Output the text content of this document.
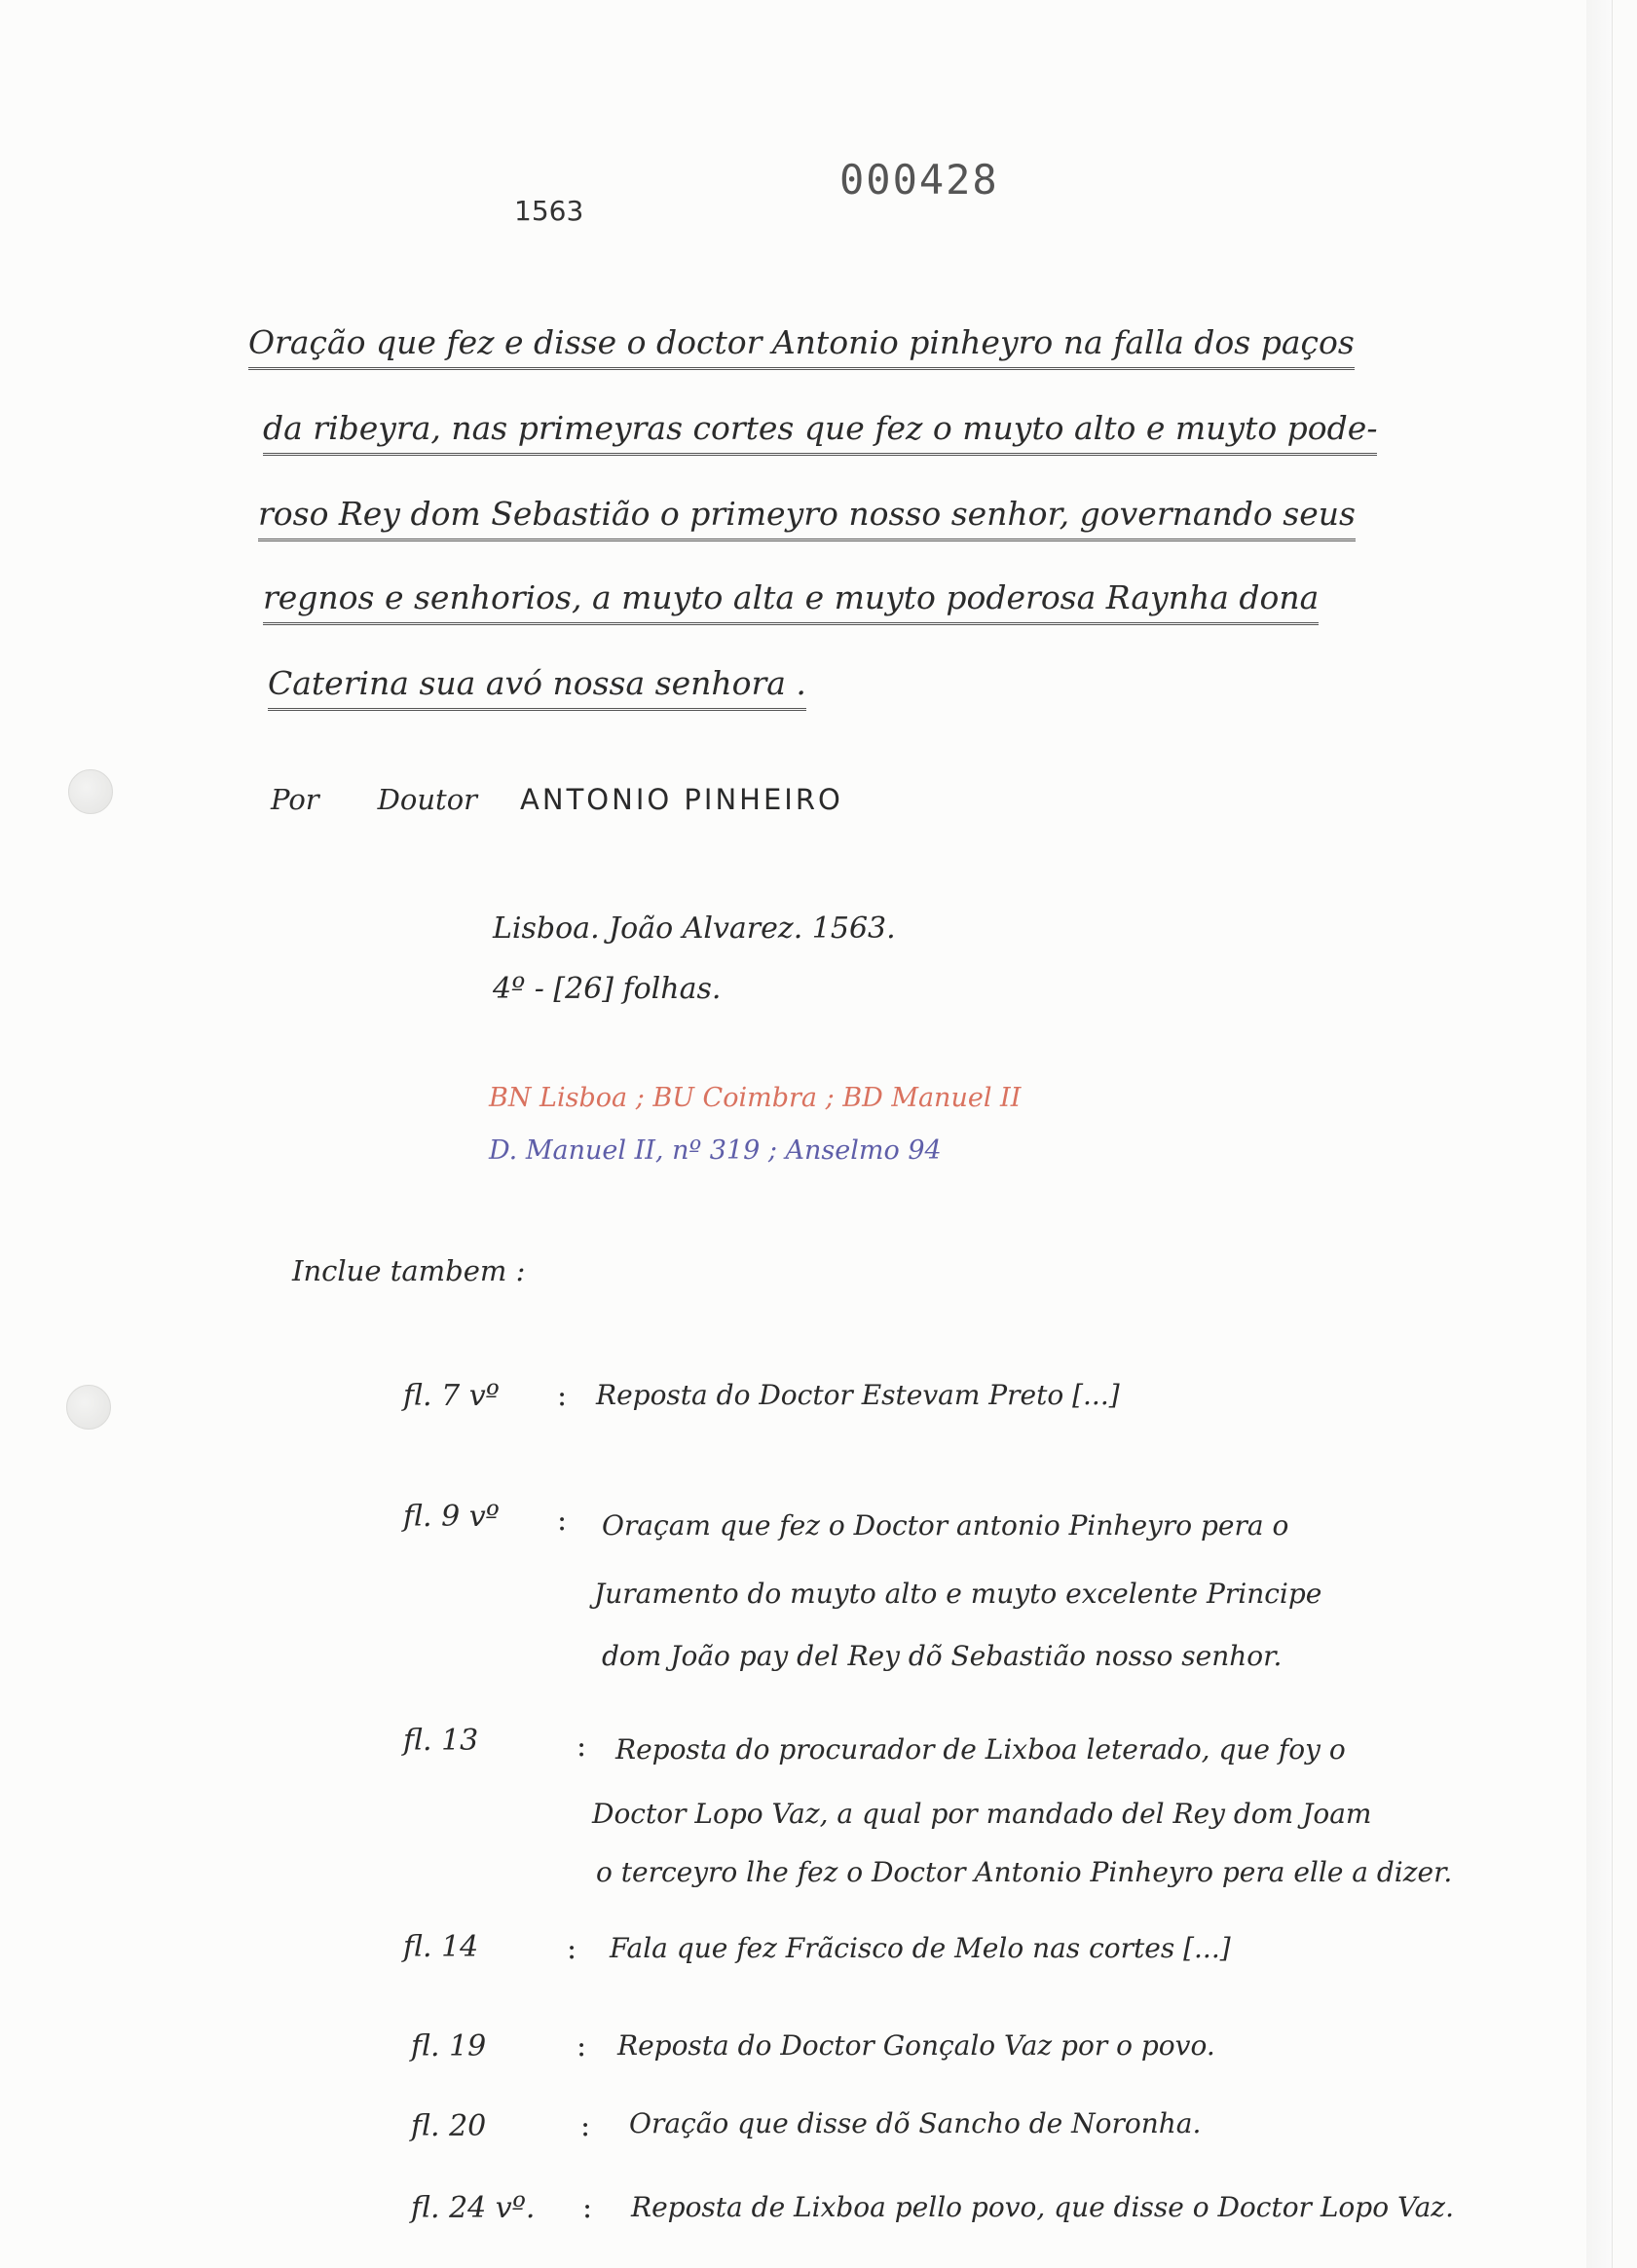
000428
1563
Oração que fez e disse o doctor Antonio pinheyro na falla dos paços
da ribeyra, nas primeyras cortes que fez o muyto alto e muyto pode-
roso Rey dom Sebastião o primeyro nosso senhor, governando seus
regnos e senhorios, a muyto alta e muyto poderosa Raynha dona
Caterina sua avó nossa senhora .
Por Doutor ANTONIO PINHEIRO
Lisboa. João Alvarez. 1563.
4º - [26] folhas.
BN Lisboa ; BU Coimbra ; BD Manuel II
D. Manuel II, nº 319 ; Anselmo 94
Inclue tambem :
fl. 7 vº : Reposta do Doctor Estevam Preto [...]
fl. 9 vº : Oraçam que fez o Doctor antonio Pinheyro pera o
Juramento do muyto alto e muyto excelente Principe
dom João pay del Rey dõ Sebastião nosso senhor.
fl. 13	: Reposta do procurador de Lixboa leterado, que foy o
Doctor Lopo Vaz, a qual por mandado del Rey dom Joam
o terceyro lhe fez o Doctor Antonio Pinheyro pera elle a dizer.
fl. 14	: Fala que fez Frãcisco de Melo nas cortes [...]
fl. 19	: Reposta do Doctor Gonçalo Vaz por o povo.
fl. 20	: Oração que disse dõ Sancho de Noronha.
fl. 24 vº. : Reposta de Lixboa pello povo, que disse o Doctor Lopo Vaz.
